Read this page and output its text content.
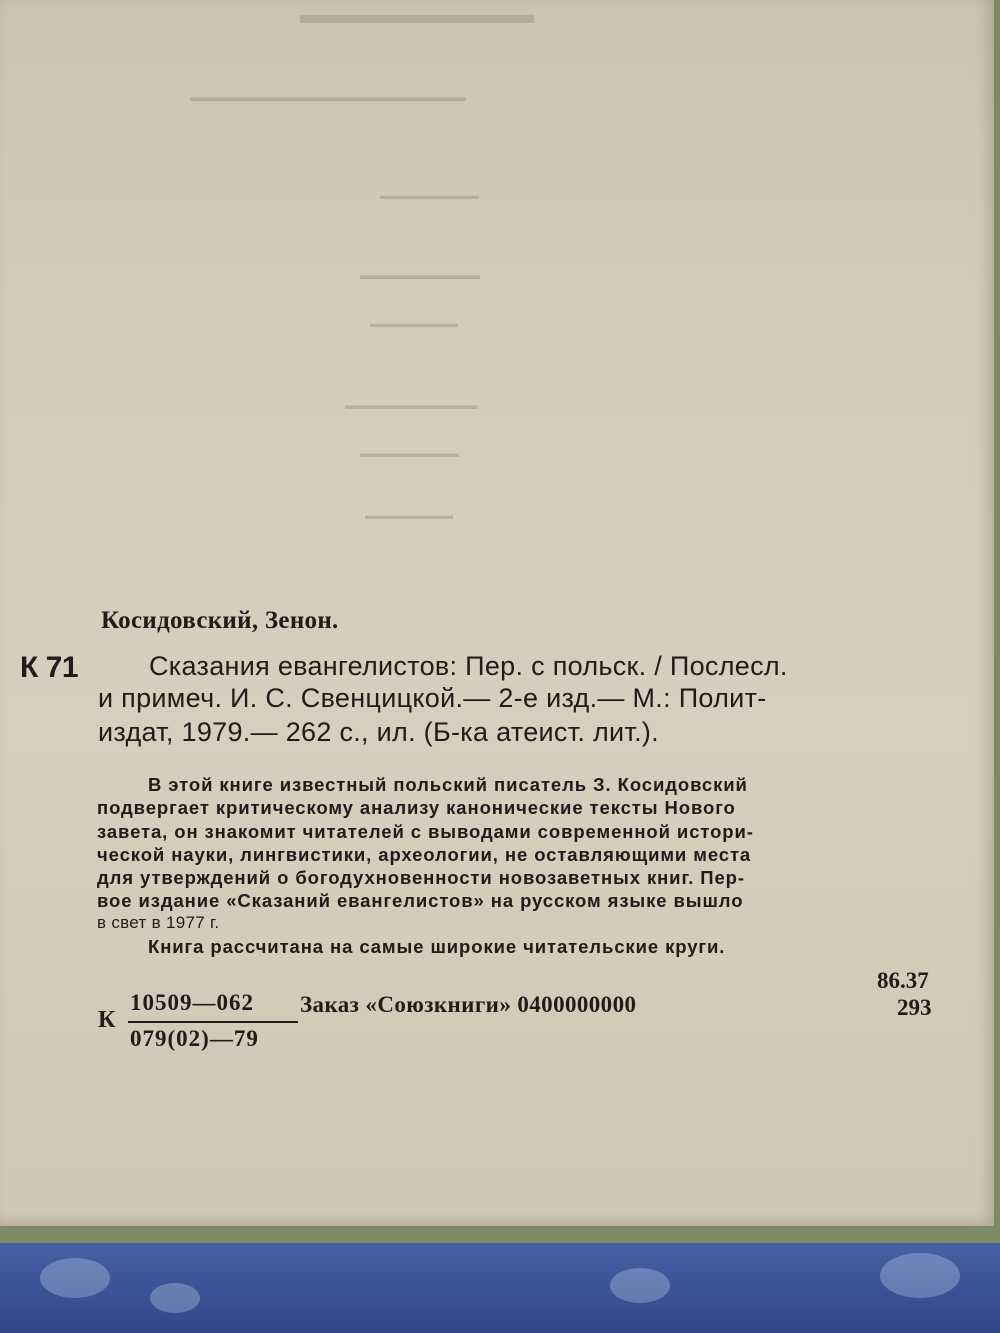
▬▬▬▬▬▬▬▬▬
▬▬▬▬▬▬▬▬▬▬▬▬▬▬▬▬▬▬▬▬▬▬▬
▬▬▬▬▬▬▬▬▬
▬▬▬▬▬▬▬▬▬▬
▬▬▬▬▬▬▬▬
▬▬▬▬▬▬▬▬▬▬▬
▬▬▬▬▬▬▬▬▬
▬▬▬▬▬▬▬▬
Косидовский, Зенон.
К 71	Сказания евангелистов: Пер. с польск. / Послесл.
и примеч. И. С. Свенцицкой.— 2-е изд.— М.: Полит-
издат, 1979.— 262 с., ил. (Б-ка атеист. лит.).
В этой книге известный польский писатель З. Косидовский
подвергает критическому анализу канонические тексты Нового
завета, он знакомит читателей с выводами современной истори-
ческой науки, лингвистики, археологии, не оставляющими места
для утверждений о богодухновенности новозаветных книг. Пер-
вое издание «Сказаний евангелистов» на русском языке вышло
в свет в 1977 г.
Книга рассчитана на самые широкие читательские круги.
К
10509—062
079(02)—79
Заказ «Союзкниги» 0400000000
86.37
293
